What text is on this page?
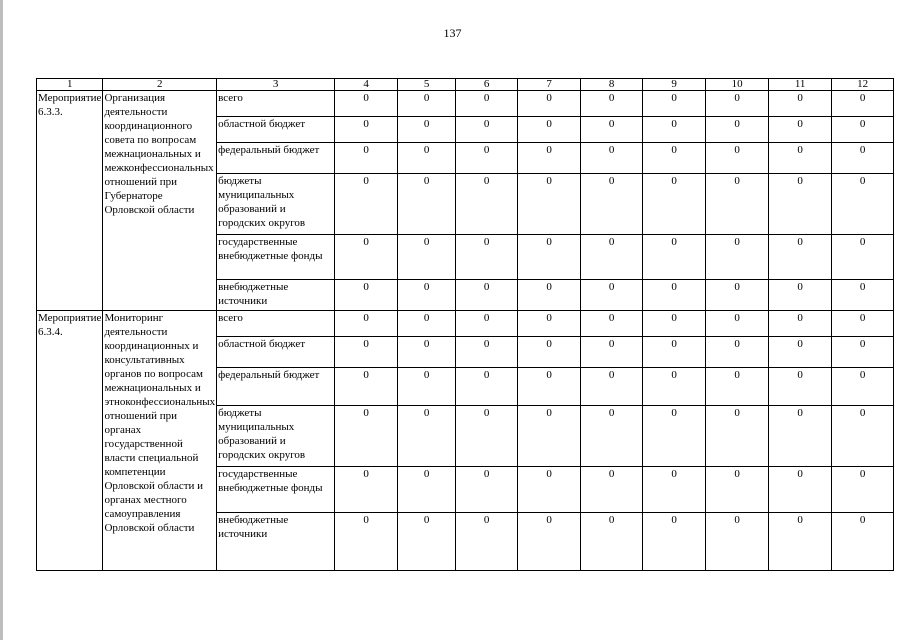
137
1	2	3	4	5	6	7	8	9	10	11	12
Мероприятие 6.3.3.	Организация деятельности координационного совета по вопросам межнациональных и межконфессиональных отношений при Губернаторе Орловской области	всего	0	0	0	0	0	0	0	0	0
		областной бюджет	0	0	0	0	0	0	0	0	0
		федеральный бюджет	0	0	0	0	0	0	0	0	0
		бюджеты муниципальных образований и городских округов	0	0	0	0	0	0	0	0	0
		государственные внебюджетные фонды	0	0	0	0	0	0	0	0	0
		внебюджетные источники	0	0	0	0	0	0	0	0	0
Мероприятие 6.3.4.	Мониторинг деятельности координационных и консультативных органов по вопросам межнациональных и этноконфессиональных отношений при органах государственной власти специальной компетенции Орловской области и органах местного самоуправления Орловской области	всего	0	0	0	0	0	0	0	0	0
		областной бюджет	0	0	0	0	0	0	0	0	0
		федеральный бюджет	0	0	0	0	0	0	0	0	0
		бюджеты муниципальных образований и городских округов	0	0	0	0	0	0	0	0	0
		государственные внебюджетные фонды	0	0	0	0	0	0	0	0	0
		внебюджетные источники	0	0	0	0	0	0	0	0	0
